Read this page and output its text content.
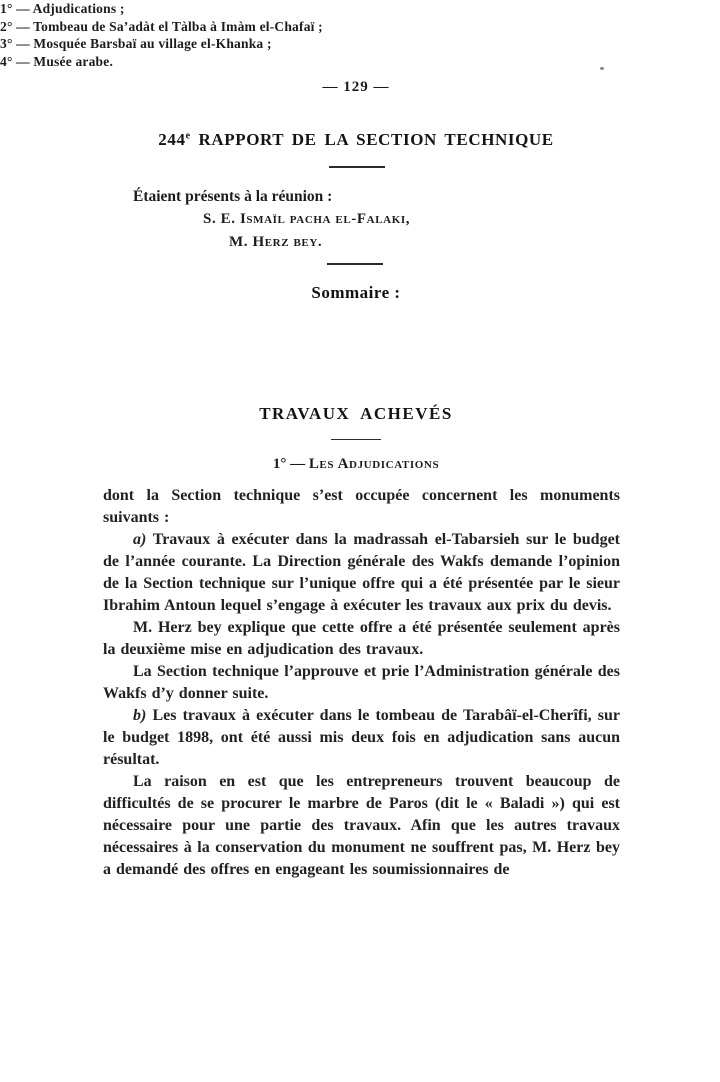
— 129 —
244e RAPPORT DE LA SECTION TECHNIQUE
Étaient présents à la réunion :
S. E. Ismaïl pacha el-Falaki,
M. Herz bey.
Sommaire :
1° — Adjudications ;
2° — Tombeau de Sa’adàt el Tàlba à Imàm el-Chafaï ;
3° — Mosquée Barsbaï au village el-Khanka ;
4° — Musée arabe.
TRAVAUX ACHEVÉS
1° — Les Adjudications

dont la Section technique s’est occupée concernent les monuments suivants :

a) Travaux à exécuter dans la madrassah el-Tabarsieh sur le budget de l’année courante. La Direction générale des Wakfs demande l’opinion de la Section technique sur l’unique offre qui a été présentée par le sieur Ibrahim Antoun lequel s’engage à exécuter les travaux aux prix du devis.

M. Herz bey explique que cette offre a été présentée seulement après la deuxième mise en adjudication des travaux.

La Section technique l’approuve et prie l’Administration générale des Wakfs d’y donner suite.

b) Les travaux à exécuter dans le tombeau de Tarabâï-el-Cherîfi, sur le budget 1898, ont été aussi mis deux fois en adjudication sans aucun résultat.

La raison en est que les entrepreneurs trouvent beaucoup de difficultés de se procurer le marbre de Paros (dit le « Baladi ») qui est nécessaire pour une partie des travaux. Afin que les autres travaux nécessaires à la conservation du monument ne souffrent pas, M. Herz bey a demandé des offres en engageant les soumissionnaires de
